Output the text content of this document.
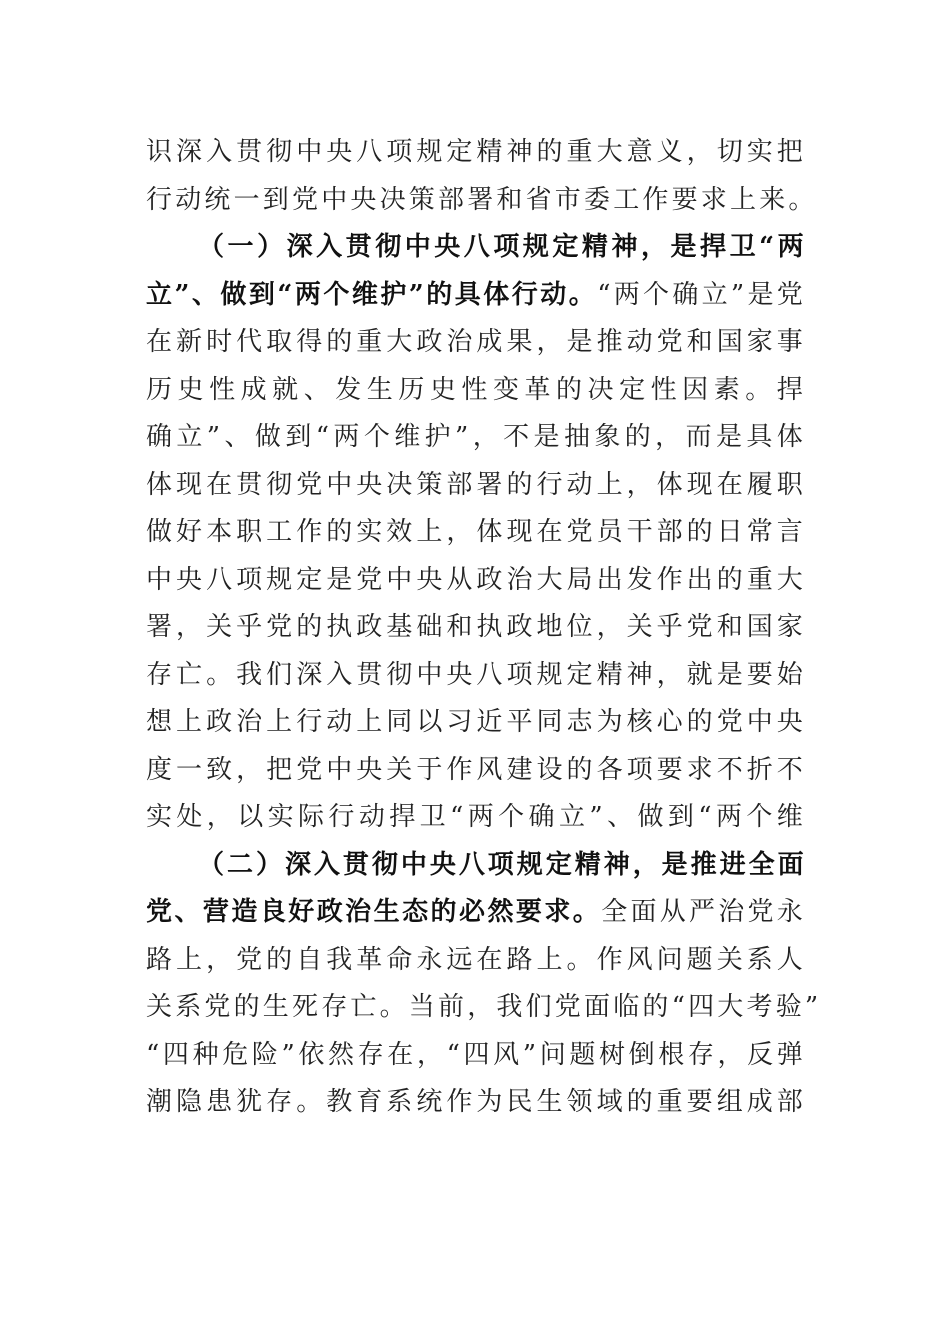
识深入贯彻中央八项规定精神的重大意义，切实把
行动统一到党中央决策部署和省市委工作要求上来。
（一）深入贯彻中央八项规定精神，是捍卫“两
立”、做到“两个维护”的具体行动。“两个确立”是党
在新时代取得的重大政治成果，是推动党和国家事
历史性成就、发生历史性变革的决定性因素。捍
确立”、做到“两个维护”，不是抽象的，而是具体
体现在贯彻党中央决策部署的行动上，体现在履职
做好本职工作的实效上，体现在党员干部的日常言
中央八项规定是党中央从政治大局出发作出的重大
署，关乎党的执政基础和执政地位，关乎党和国家
存亡。我们深入贯彻中央八项规定精神，就是要始
想上政治上行动上同以习近平同志为核心的党中央
度一致，把党中央关于作风建设的各项要求不折不
实处，以实际行动捍卫“两个确立”、做到“两个维
（二）深入贯彻中央八项规定精神，是推进全面
党、营造良好政治生态的必然要求。全面从严治党永
路上，党的自我革命永远在路上。作风问题关系人
关系党的生死存亡。当前，我们党面临的“四大考验”
“四种危险”依然存在，“四风”问题树倒根存，反弹
潮隐患犹存。教育系统作为民生领域的重要组成部
